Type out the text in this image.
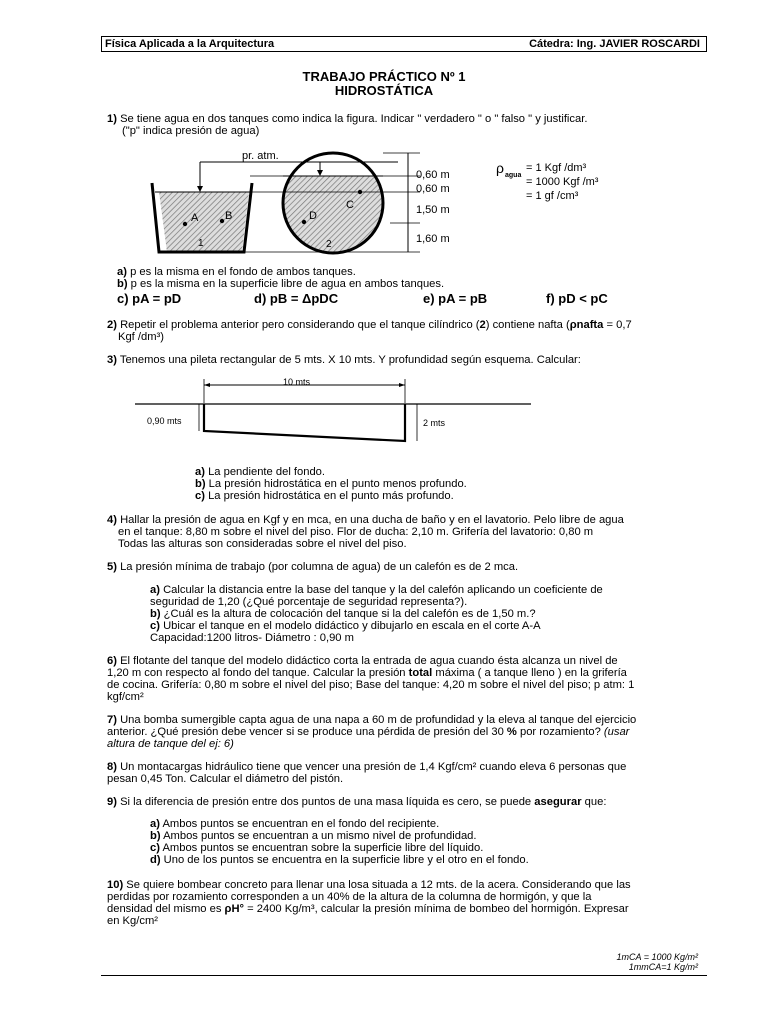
Física Aplicada a la Arquitectura	Cátedra: Ing. JAVIER ROSCARDI
TRABAJO PRÁCTICO Nº 1
HIDROSTÁTICA
1) Se tiene agua en dos tanques como indica la figura. Indicar " verdadero " o " falso " y justificar.
("p" indica presión de agua)
pr. atm.
A B
C
D
1	2
0,60 m
0,60 m
1,50 m
1,60 m
ρ agua
= 1 Kgf /dm³
= 1000 Kgf /m³
= 1 gf /cm³
a) p es la misma en el fondo de ambos tanques.
b) p es la misma en la superficie libre de agua en ambos tanques.
c) pA = pD	d) pB = ΔpDC	e) pA = pB	f) pD < pC
2) Repetir el problema anterior pero considerando que el tanque cilíndrico (2) contiene nafta (ρnafta = 0,7
Kgf /dm³)
3) Tenemos una pileta rectangular de 5 mts. X 10 mts. Y profundidad según esquema. Calcular:
10 mts
0,90 mts	2 mts
a) La pendiente del fondo.
b) La presión hidrostática en el punto menos profundo.
c) La presión hidrostática en el punto más profundo.
4) Hallar la presión de agua en Kgf y en mca, en una ducha de baño y en el lavatorio. Pelo libre de agua
en el tanque: 8,80 m sobre el nivel del piso. Flor de ducha: 2,10 m. Grifería del lavatorio: 0,80 m
Todas las alturas son consideradas sobre el nivel del piso.
5) La presión mínima de trabajo (por columna de agua) de un calefón es de 2 mca.
a) Calcular la distancia entre la base del tanque y la del calefón aplicando un coeficiente de
seguridad de 1,20 (¿Qué porcentaje de seguridad representa?).
b) ¿Cuál es la altura de colocación del tanque si la del calefón es de 1,50 m.?
c) Ubicar el tanque en el modelo didáctico y dibujarlo en escala en el corte A-A
Capacidad:1200 litros- Diámetro : 0,90 m
6) El flotante del tanque del modelo didáctico corta la entrada de agua cuando ésta alcanza un nivel de
1,20 m con respecto al fondo del tanque. Calcular la presión total máxima ( a tanque lleno ) en la grifería
de cocina. Grifería: 0,80 m sobre el nivel del piso; Base del tanque: 4,20 m sobre el nivel del piso; p atm: 1
kgf/cm²
7) Una bomba sumergible capta agua de una napa a 60 m de profundidad y la eleva al tanque del ejercicio
anterior. ¿Qué presión debe vencer si se produce una pérdida de presión del 30 % por rozamiento? (usar
altura de tanque del ej: 6)
8) Un montacargas hidráulico tiene que vencer una presión de 1,4 Kgf/cm² cuando eleva 6 personas que
pesan 0,45 Ton. Calcular el diámetro del pistón.
9) Si la diferencia de presión entre dos puntos de una masa líquida es cero, se puede asegurar que:
a) Ambos puntos se encuentran en el fondo del recipiente.
b) Ambos puntos se encuentran a un mismo nivel de profundidad.
c) Ambos puntos se encuentran sobre la superficie libre del líquido.
d) Uno de los puntos se encuentra en la superficie libre y el otro en el fondo.
10) Se quiere bombear concreto para llenar una losa situada a 12 mts. de la acera. Considerando que las
perdidas por rozamiento corresponden a un 40% de la altura de la columna de hormigón, y que la
densidad del mismo es ρH° = 2400 Kg/m³, calcular la presión mínima de bombeo del hormigón. Expresar
en Kg/cm²
1mCA = 1000 Kg/m²
1mmCA=1 Kg/m²
